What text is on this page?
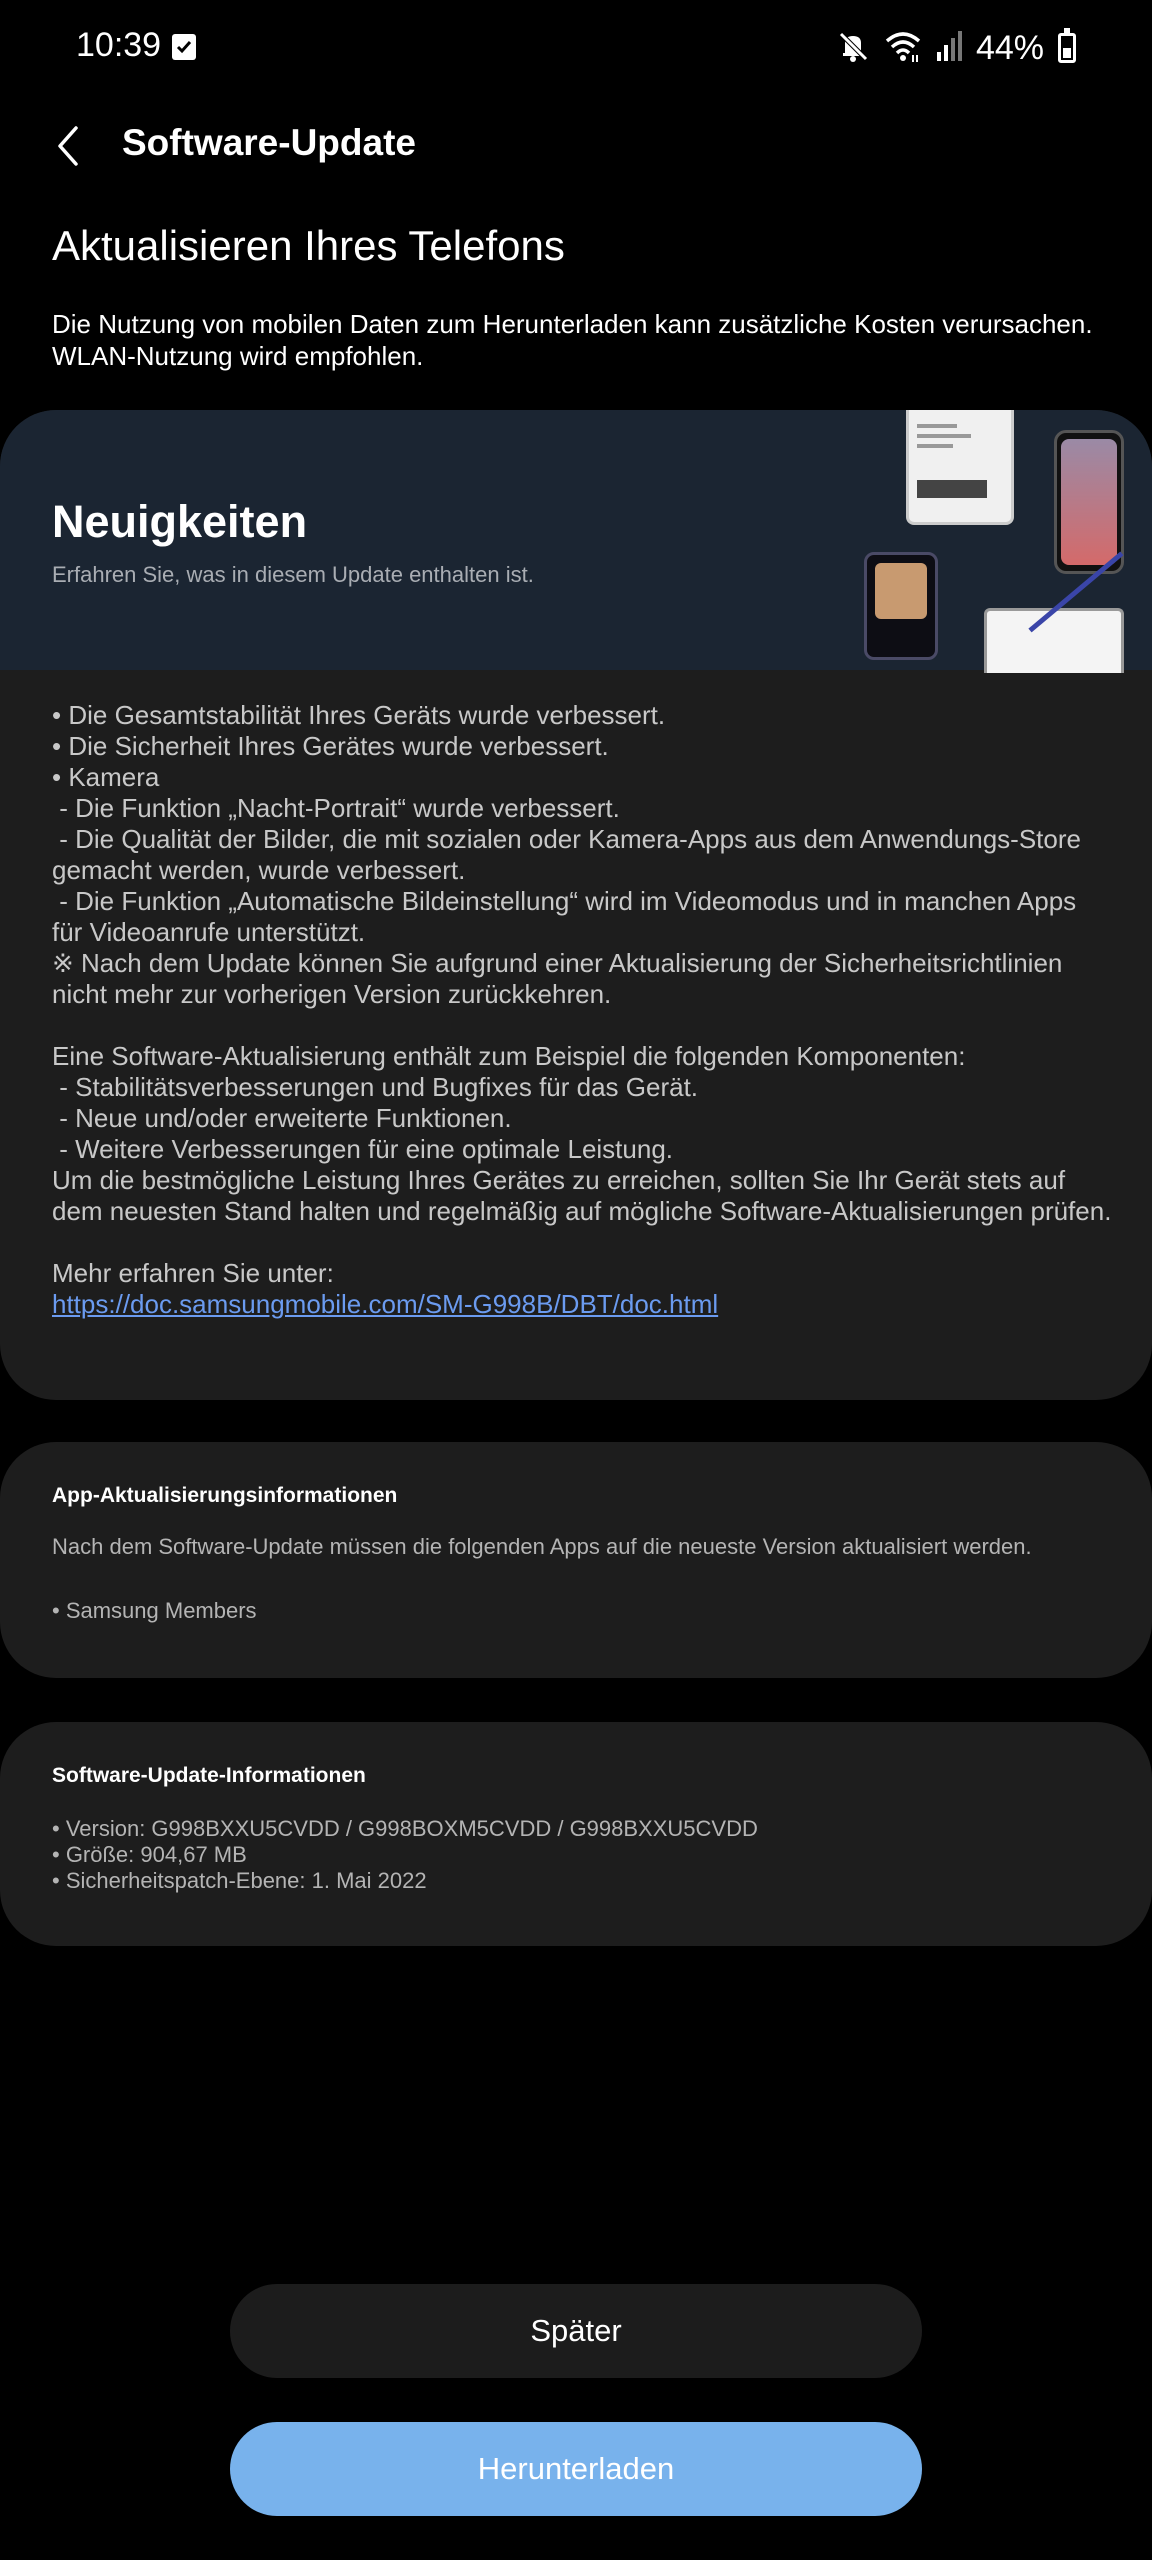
10:39	44%
Software-Update
Aktualisieren Ihres Telefons
Die Nutzung von mobilen Daten zum Herunterladen kann zusätzliche Kosten verursachen. WLAN-Nutzung wird empfohlen.
Neuigkeiten
Erfahren Sie, was in diesem Update enthalten ist.

• Die Gesamtstabilität Ihres Geräts wurde verbessert.

• Die Sicherheit Ihres Gerätes wurde verbessert.

• Kamera

- Die Funktion „Nacht-Portrait“ wurde verbessert.

- Die Qualität der Bilder, die mit sozialen oder Kamera-Apps aus dem Anwendungs-Store gemacht werden, wurde verbessert.

- Die Funktion „Automatische Bildeinstellung“ wird im Videomodus und in manchen Apps für Videoanrufe unterstützt.

※ Nach dem Update können Sie aufgrund einer Aktualisierung der Sicherheitsrichtlinien nicht mehr zur vorherigen Version zurückkehren.

Eine Software-Aktualisierung enthält zum Beispiel die folgenden Komponenten:

- Stabilitätsverbesserungen und Bugfixes für das Gerät.

- Neue und/oder erweiterte Funktionen.

- Weitere Verbesserungen für eine optimale Leistung.

Um die bestmögliche Leistung Ihres Gerätes zu erreichen, sollten Sie Ihr Gerät stets auf dem neuesten Stand halten und regelmäßig auf mögliche Software-Aktualisierungen prüfen.

Mehr erfahren Sie unter:

https://doc.samsungmobile.com/SM-G998B/DBT/doc.html

App-Aktualisierungsinformationen
Nach dem Software-Update müssen die folgenden Apps auf die neueste Version aktualisiert werden.
• Samsung Members
Software-Update-Informationen
• Version: G998BXXU5CVDD / G998BOXM5CVDD / G998BXXU5CVDD
• Größe: 904,67 MB
• Sicherheitspatch-Ebene: 1. Mai 2022
Später
Herunterladen
